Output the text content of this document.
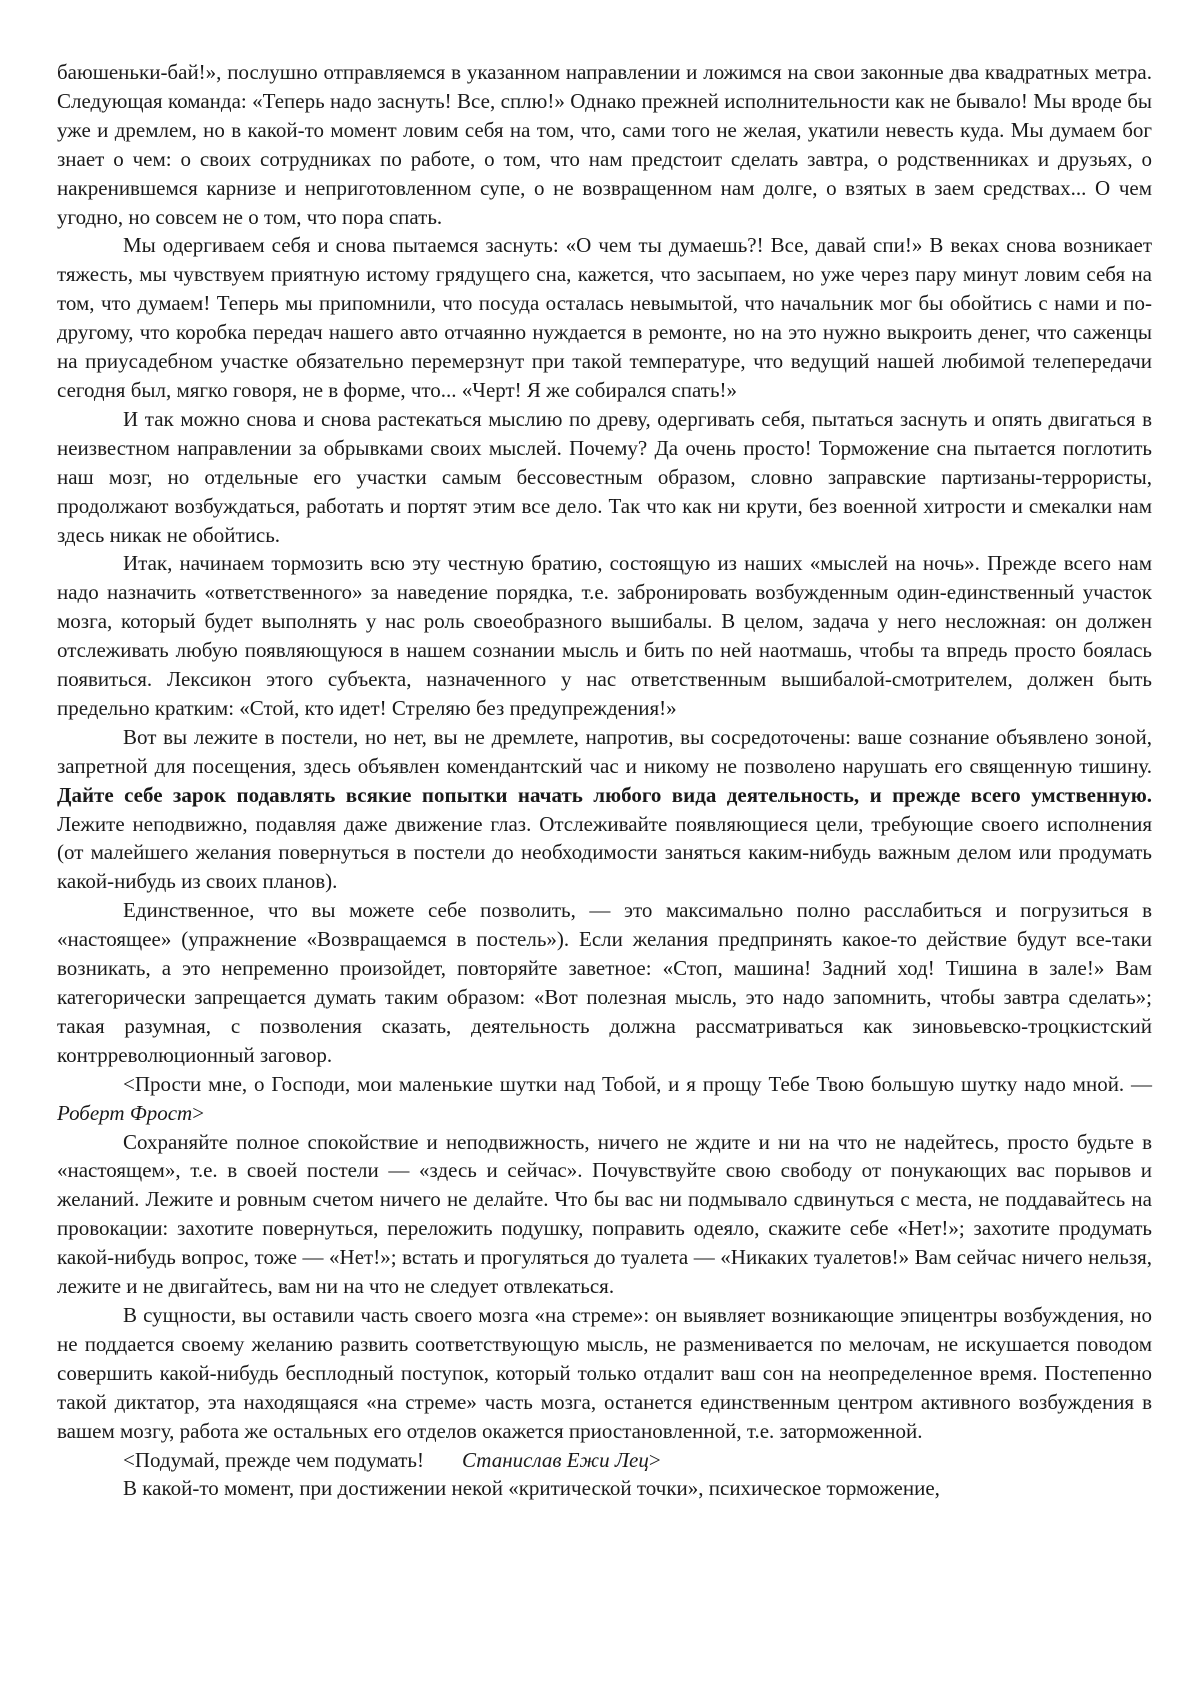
баюшеньки-бай!», послушно отправляемся в указанном направлении и ложимся на свои законные два квадратных метра. Следующая команда: «Теперь надо заснуть! Все, сплю!» Однако прежней исполнительности как не бывало! Мы вроде бы уже и дремлем, но в какой-то момент ловим себя на том, что, сами того не желая, укатили невесть куда. Мы думаем бог знает о чем: о своих сотрудниках по работе, о том, что нам предстоит сделать завтра, о родственниках и друзьях, о накренившемся карнизе и неприготовленном супе, о не возвращенном нам долге, о взятых в заем средствах... О чем угодно, но совсем не о том, что пора спать.

Мы одергиваем себя и снова пытаемся заснуть: «О чем ты думаешь?! Все, давай спи!» В веках снова возникает тяжесть, мы чувствуем приятную истому грядущего сна, кажется, что засыпаем, но уже через пару минут ловим себя на том, что думаем! Теперь мы припомнили, что посуда осталась невымытой, что начальник мог бы обойтись с нами и по-другому, что коробка передач нашего авто отчаянно нуждается в ремонте, но на это нужно выкроить денег, что саженцы на приусадебном участке обязательно перемерзнут при такой температуре, что ведущий нашей любимой телепередачи сегодня был, мягко говоря, не в форме, что... «Черт! Я же собирался спать!»

И так можно снова и снова растекаться мыслию по древу, одергивать себя, пытаться заснуть и опять двигаться в неизвестном направлении за обрывками своих мыслей. Почему? Да очень просто! Торможение сна пытается поглотить наш мозг, но отдельные его участки самым бессовестным образом, словно заправские партизаны-террористы, продолжают возбуждаться, работать и портят этим все дело. Так что как ни крути, без военной хитрости и смекалки нам здесь никак не обойтись.

Итак, начинаем тормозить всю эту честную братию, состоящую из наших «мыслей на ночь». Прежде всего нам надо назначить «ответственного» за наведение порядка, т.е. забронировать возбужденным один-единственный участок мозга, который будет выполнять у нас роль своеобразного вышибалы. В целом, задача у него несложная: он должен отслеживать любую появляющуюся в нашем сознании мысль и бить по ней наотмашь, чтобы та впредь просто боялась появиться. Лексикон этого субъекта, назначенного у нас ответственным вышибалой-смотрителем, должен быть предельно кратким: «Стой, кто идет! Стреляю без предупреждения!»

Вот вы лежите в постели, но нет, вы не дремлете, напротив, вы сосредоточены: ваше сознание объявлено зоной, запретной для посещения, здесь объявлен комендантский час и никому не позволено нарушать его священную тишину. Дайте себе зарок подавлять всякие попытки начать любого вида деятельность, и прежде всего умственную. Лежите неподвижно, подавляя даже движение глаз. Отслеживайте появляющиеся цели, требующие своего исполнения (от малейшего желания повернуться в постели до необходимости заняться каким-нибудь важным делом или продумать какой-нибудь из своих планов).

Единственное, что вы можете себе позволить, — это максимально полно расслабиться и погрузиться в «настоящее» (упражнение «Возвращаемся в постель»). Если желания предпринять какое-то действие будут все-таки возникать, а это непременно произойдет, повторяйте заветное: «Стоп, машина! Задний ход! Тишина в зале!» Вам категорически запрещается думать таким образом: «Вот полезная мысль, это надо запомнить, чтобы завтра сделать»; такая разумная, с позволения сказать, деятельность должна рассматриваться как зиновьевско-троцкистский контрреволюционный заговор.

<Прости мне, о Господи, мои маленькие шутки над Тобой, и я прощу Тебе Твою большую шутку надо мной. — Роберт Фрост>

Сохраняйте полное спокойствие и неподвижность, ничего не ждите и ни на что не надейтесь, просто будьте в «настоящем», т.е. в своей постели — «здесь и сейчас». Почувствуйте свою свободу от понукающих вас порывов и желаний. Лежите и ровным счетом ничего не делайте. Что бы вас ни подмывало сдвинуться с места, не поддавайтесь на провокации: захотите повернуться, переложить подушку, поправить одеяло, скажите себе «Нет!»; захотите продумать какой-нибудь вопрос, тоже — «Нет!»; встать и прогуляться до туалета — «Никаких туалетов!» Вам сейчас ничего нельзя, лежите и не двигайтесь, вам ни на что не следует отвлекаться.

В сущности, вы оставили часть своего мозга «на стреме»: он выявляет возникающие эпицентры возбуждения, но не поддается своему желанию развить соответствующую мысль, не разменивается по мелочам, не искушается поводом совершить какой-нибудь бесплодный поступок, который только отдалит ваш сон на неопределенное время. Постепенно такой диктатор, эта находящаяся «на стреме» часть мозга, останется единственным центром активного возбуждения в вашем мозгу, работа же остальных его отделов окажется приостановленной, т.е. заторможенной.

<Подумай, прежде чем подумать! Станислав Ежи Лец>

В какой-то момент, при достижении некой «критической точки», психическое торможение,
